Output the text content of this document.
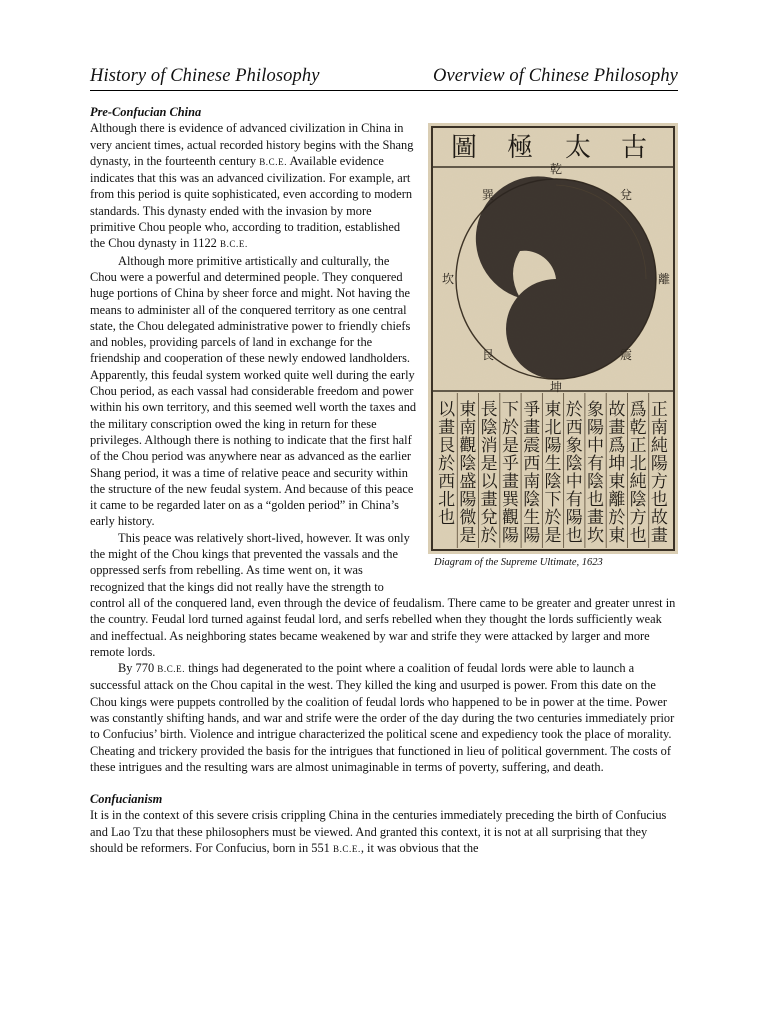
History of Chinese Philosophy	Overview of Chinese Philosophy
古
太
極
圖
乾
兌
坤
離
巽
坎
艮	震
正南純陽方也故畫
爲乾正北純陰方也
故畫爲坤東離於東
象陽中有陰也畫坎
於西象陰中有陽也
東北陽生陰下於是
爭畫震西南陰生陽
下於是乎畫巽觀陽
長陰消是以畫兌於
東南觀陰盛陽微是
以畫艮於西北也
Diagram of the Supreme Ultimate, 1623

Pre-Confucian China

Although there is evidence of advanced civilization in China in very ancient times, actual recorded history begins with the Shang dynasty, in the fourteenth century B.C.E. Available evidence indicates that this was an advanced civilization. For example, art from this period is quite sophisticated, even according to modern standards. This dynasty ended with the invasion by more primitive Chou people who, according to tradition, established the Chou dynasty in 1122 B.C.E.

Although more primitive artistically and culturally, the Chou were a powerful and determined people. They conquered huge portions of China by sheer force and might. Not having the means to administer all of the conquered territory as one central state, the Chou delegated administrative power to friendly chiefs and nobles, providing parcels of land in exchange for the friendship and cooperation of these newly endowed landholders. Apparently, this feudal system worked quite well during the early Chou period, as each vassal had considerable freedom and power within his own territory, and this seemed well worth the taxes and the military conscription owed the king in return for these privileges. Although there is nothing to indicate that the first half of the Chou period was anywhere near as advanced as the earlier Shang period, it was a time of relative peace and security within the structure of the new feudal system. And because of this peace it came to be regarded later on as a “golden period” in China’s early history.

This peace was relatively short-lived, however. It was only the might of the Chou kings that prevented the vassals and the oppressed serfs from rebelling. As time went on, it was recognized that the kings did not really have the strength to control all of the conquered land, even through the device of feudalism. There came to be greater and greater unrest in the country. Feudal lord turned against feudal lord, and serfs rebelled when they thought the lords sufficiently weak and ineffectual. As neighboring states became weakened by war and strife they were attacked by larger and more remote lords.

By 770 B.C.E. things had degenerated to the point where a coalition of feudal lords were able to launch a successful attack on the Chou capital in the west. They killed the king and usurped is power. From this date on the Chou kings were puppets controlled by the coalition of feudal lords who happened to be in power at the time. Power was constantly shifting hands, and war and strife were the order of the day during the two centuries immediately prior to Confucius’ birth. Violence and intrigue characterized the political scene and expediency took the place of morality. Cheating and trickery provided the basis for the intrigues that functioned in lieu of political government. The costs of these intrigues and the resulting wars are almost unimaginable in terms of poverty, suffering, and death.

Confucianism

It is in the context of this severe crisis crippling China in the centuries immediately preceding the birth of Confucius and Lao Tzu that these philosophers must be viewed. And granted this context, it is not at all surprising that they should be reformers. For Confucius, born in 551 B.C.E., it was obvious that the
